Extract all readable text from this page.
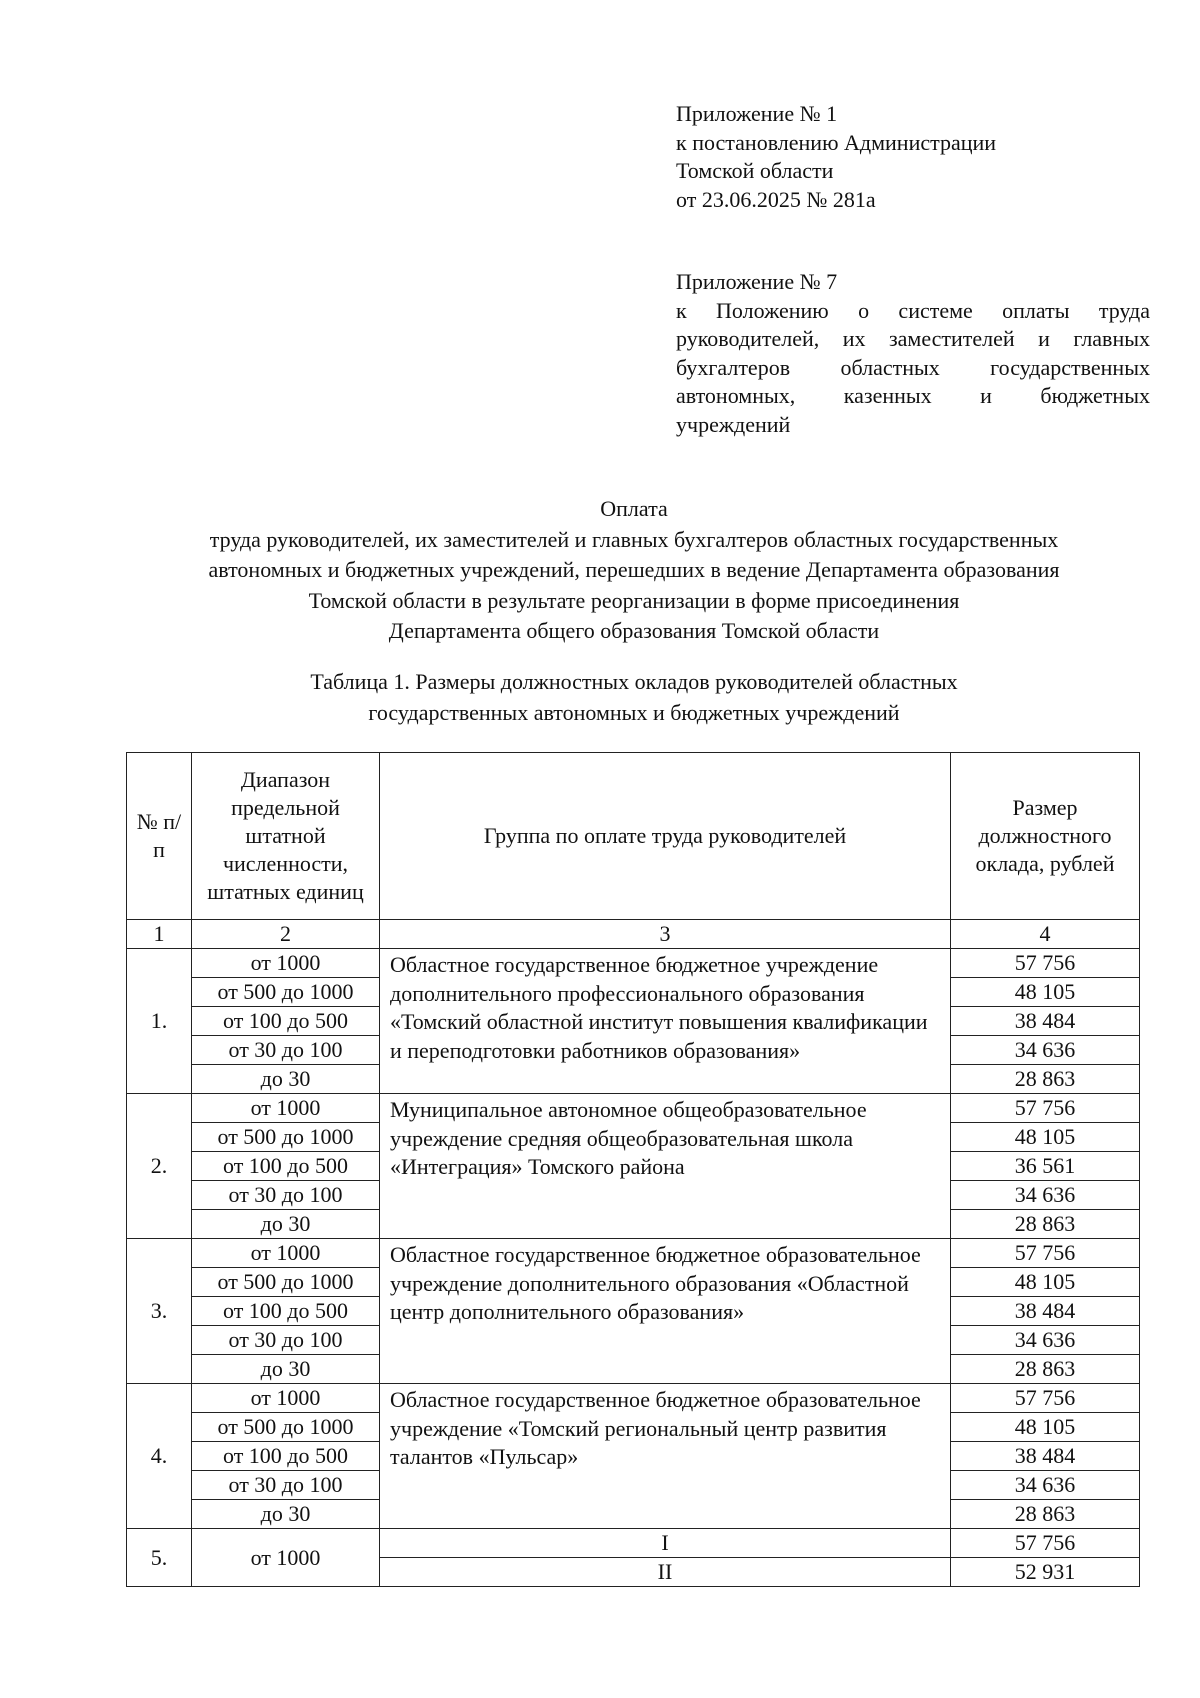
Приложение № 1
к постановлению Администрации
Томской области
от 23.06.2025 № 281а
Приложение № 7
к Положению о системе оплаты труда
руководителей, их заместителей и главных
бухгалтеров областных государственных
автономных, казенных и бюджетных
учреждений
Оплата
труда руководителей, их заместителей и главных бухгалтеров областных государственных
автономных и бюджетных учреждений, перешедших в ведение Департамента образования
Томской области в результате реорганизации в форме присоединения
Департамента общего образования Томской области
Таблица 1. Размеры должностных окладов руководителей областных
государственных автономных и бюджетных учреждений
№ п/п	Диапазон предельной штатной численности, штатных единиц	Группа по оплате труда руководителей	Размер должностного оклада, рублей
1	2	3	4
1.	от 1000	Областное государственное бюджетное учреждение дополнительного профессионального образования «Томский областной институт повышения квалификации и переподготовки работников образования»	57 756
	от 500 до 1000		48 105
	от 100 до 500		38 484
	от 30 до 100		34 636
	до 30		28 863
2.	от 1000	Муниципальное автономное общеобразовательное учреждение средняя общеобразовательная школа «Интеграция» Томского района	57 756
	от 500 до 1000		48 105
	от 100 до 500		36 561
	от 30 до 100		34 636
	до 30		28 863
3.	от 1000	Областное государственное бюджетное образовательное учреждение дополнительного образования «Областной центр дополнительного образования»	57 756
	от 500 до 1000		48 105
	от 100 до 500		38 484
	от 30 до 100		34 636
	до 30		28 863
4.	от 1000	Областное государственное бюджетное образовательное учреждение «Томский региональный центр развития талантов «Пульсар»	57 756
	от 500 до 1000		48 105
	от 100 до 500		38 484
	от 30 до 100		34 636
	до 30		28 863
5.	от 1000	I	57 756
		II	52 931
